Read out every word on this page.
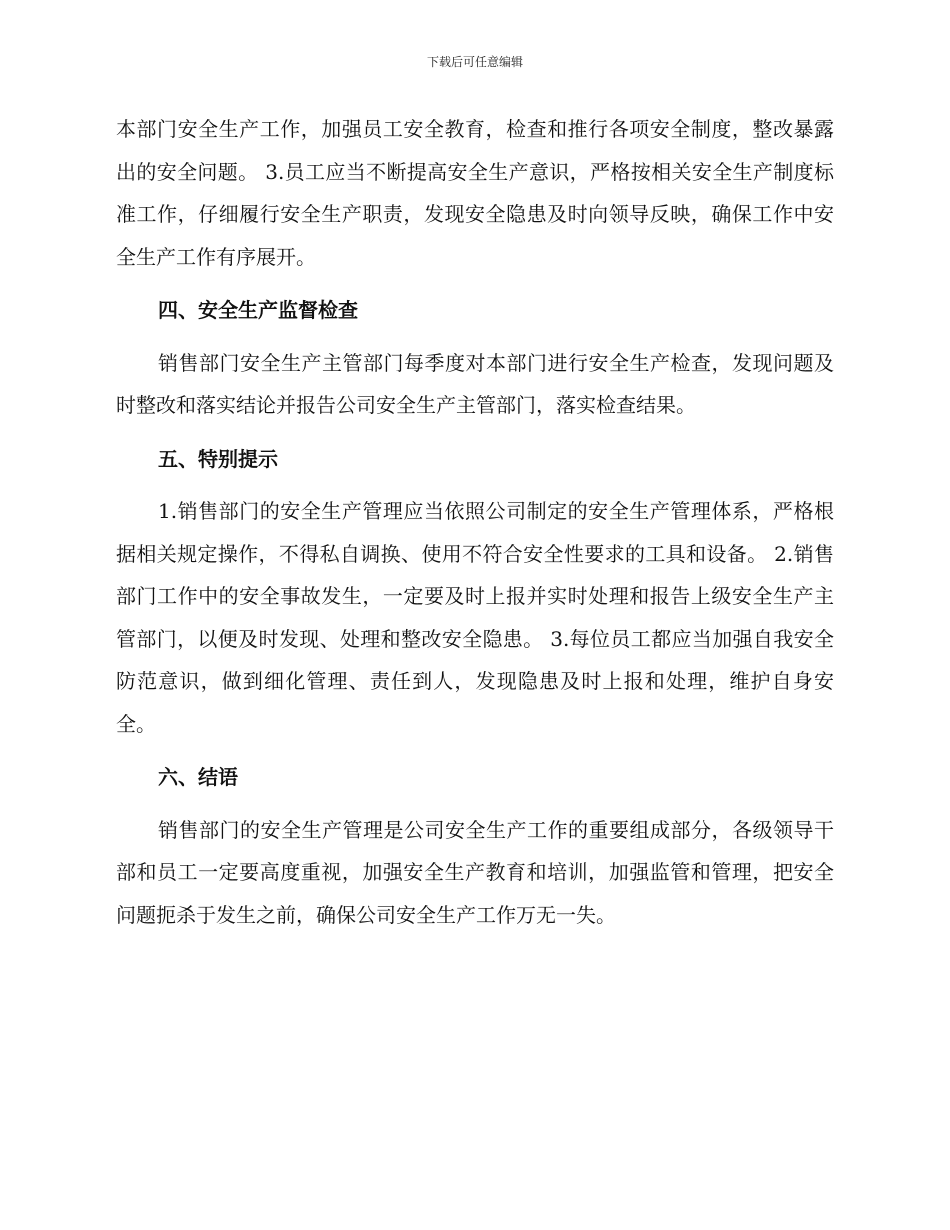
下载后可任意编辑

本部门安全生产工作，加强员工安全教育，检查和推行各项安全制度，整改暴露出的安全问题。 3.员工应当不断提高安全生产意识，严格按相关安全生产制度标准工作，仔细履行安全生产职责，发现安全隐患及时向领导反映，确保工作中安全生产工作有序展开。

四、安全生产监督检查

销售部门安全生产主管部门每季度对本部门进行安全生产检查，发现问题及时整改和落实结论并报告公司安全生产主管部门，落实检查结果。

五、特别提示

1.销售部门的安全生产管理应当依照公司制定的安全生产管理体系，严格根据相关规定操作，不得私自调换、使用不符合安全性要求的工具和设备。 2.销售部门工作中的安全事故发生，一定要及时上报并实时处理和报告上级安全生产主管部门，以便及时发现、处理和整改安全隐患。 3.每位员工都应当加强自我安全防范意识，做到细化管理、责任到人，发现隐患及时上报和处理，维护自身安全。

六、结语

销售部门的安全生产管理是公司安全生产工作的重要组成部分，各级领导干部和员工一定要高度重视，加强安全生产教育和培训，加强监管和管理，把安全问题扼杀于发生之前，确保公司安全生产工作万无一失。
